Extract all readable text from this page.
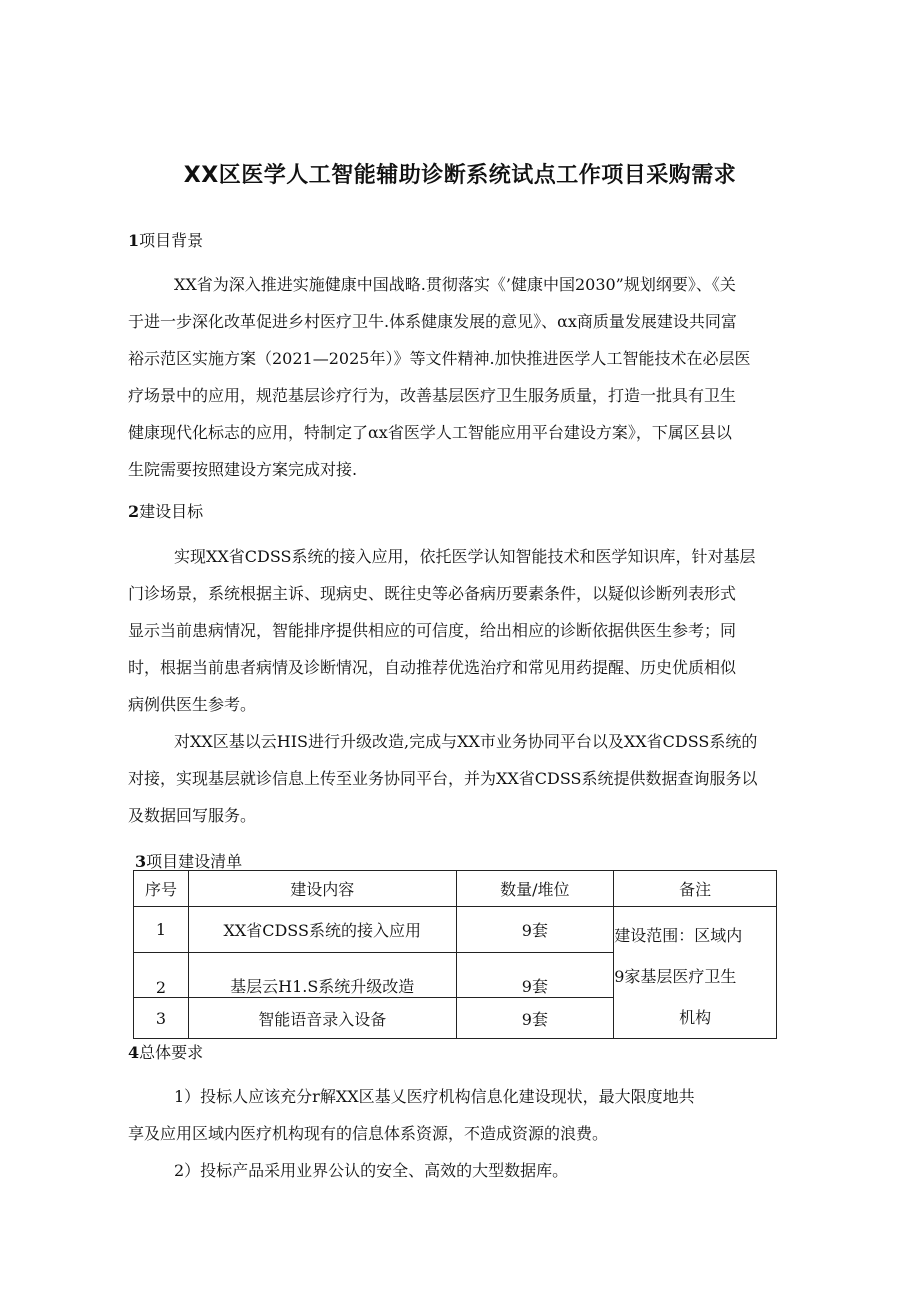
XX区医学人工智能辅助诊断系统试点工作项目采购需求
1项目背景
XX省为深入推进实施健康中国战略.贯彻落实《’健康中国2030”规划纲要》、《关
于进一步深化改革促进乡村医疗卫牛.体系健康发展的意见》、αx商质量发展建设共同富
裕示范区实施方案（2021—2025年）》等文件精神.加快推进医学人工智能技术在必层医
疗场景中的应用，规范基层诊疗行为，改善基层医疗卫生服务质量，打造一批具有卫生
健康现代化标志的应用，特制定了αx省医学人工智能应用平台建设方案》，下属区县以
生院需要按照建设方案完成对接.
2建设目标
实现XX省CDSS系统的接入应用，依托医学认知智能技术和医学知识库，针对基层
门诊场景，系统根据主诉、现病史、既往史等必备病历要素条件，以疑似诊断列表形式
显示当前患病情况，智能排序提供相应的可信度，给出相应的诊断依据供医生参考；同
时，根据当前患者病情及诊断情况，自动推荐优选治疗和常见用药提醒、历史优质相似
病例供医生参考。
对XX区基以云HIS进行升级改造,完成与XX市业务协同平台以及XX省CDSS系统的
对接，实现基层就诊信息上传至业务协同平台，并为XX省CDSS系统提供数据查询服务以
及数据回写服务。
3项目建设清单
序号	建设内容	数量/堆位	备注
1	XX省CDSS系统的接入应用	9套	建设范围：区域内
9家基层医疗卫生
机构

2	基层云H1.S系统升级改造	9套	
3	智能语音录入设备	9套	
4总体要求
1）投标人应该充分r解XX区基乂医疗机构信息化建设现状，最大限度地共
享及应用区域内医疗机构现有的信息体系资源，不造成资源的浪费。
2）投标产品采用业界公认的安全、高效的大型数据库。
